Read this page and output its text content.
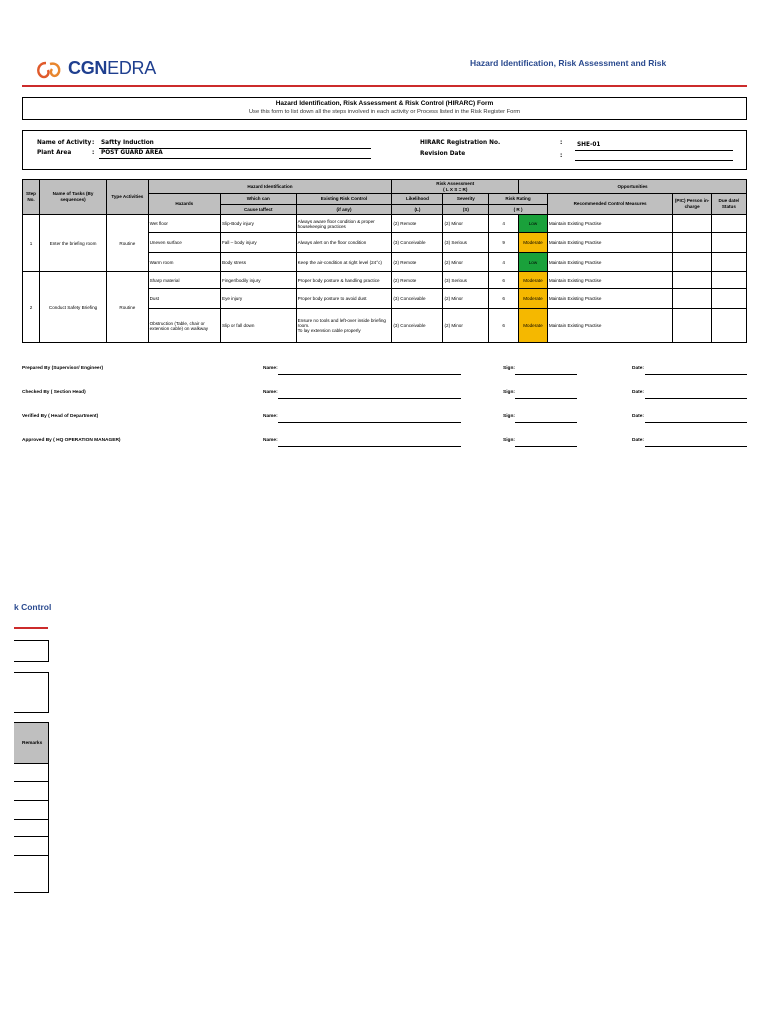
CGNEDRA	Hazard Identification, Risk Assessment and Risk
Hazard Identification, Risk Assessment & Risk Control (HIRARC) Form
Use this form to list down all the steps involved in each activity or Process listed in the Risk Register Form
Name of Activity : Saftty Induction
Plant Area	: POST GUARD AREA
HIRARC Registration No.	:	SHE-01
Revision Date	:
Step No.	Name of Tasks (By sequences)	Type Activities	Hazard Identification			Risk Assessment
( L X S = R)			Opportunities			
			Hazards	Which can	Existing Risk Control	Likelihood	Severity	Risk Rating		Recommended Control Measures	(PIC) Person in-charge	Due date/ Status
				Cause Iaffect	(if any)	(L)	(S)	( R )				
1	Enter the briefing room	Routine	Wet floor	Slip-Body injury	Always aware floor condition & proper housekeeping practices	(2) Remote	(2) Minor	4	Low	Maintain Existing Practise		
			Uneven surface	Fall – body injury	Always alert on the floor condition	(3) Conceivable	(3) Serious	9	Moderate	Maintain Existing Practise		
			Warm room	Body stress	Keep the air-condition at right level (24°c)	(2) Remote	(2) Minor	4	Low	Maintain Existing Practise		
2	Conduct Safety Briefing	Routine	Sharp material	Finger/bodily injury	Proper body posture & handling practice	(2) Remote	(3) Serious	6	Moderate	Maintain Existing Practise		
			Dust	Eye injury	Proper body posture to avoid dust	(3) Conceivable	(2) Minor	6	Moderate	Maintain Existing Practise		
			Obstruction (Table, chair or extension cable) on walkway	Slip or fall down	Ensure no tools and left-over inside briefing room.
To lay extension cable properly	(3) Conceivable	(2) Minor	6	Moderate	Maintain Existing Practise		
Prepared By (Supervisor/ Engineer)	Name:	Sign:	Date:
Checked By ( Section Head)	Name:	Sign:	Date:
Verified By ( Head of Department)	Name:	Sign:	Date:
Approved By ( HQ OPERATION MANAGER)	Name:	Sign:	Date:
k Control
Remarks
